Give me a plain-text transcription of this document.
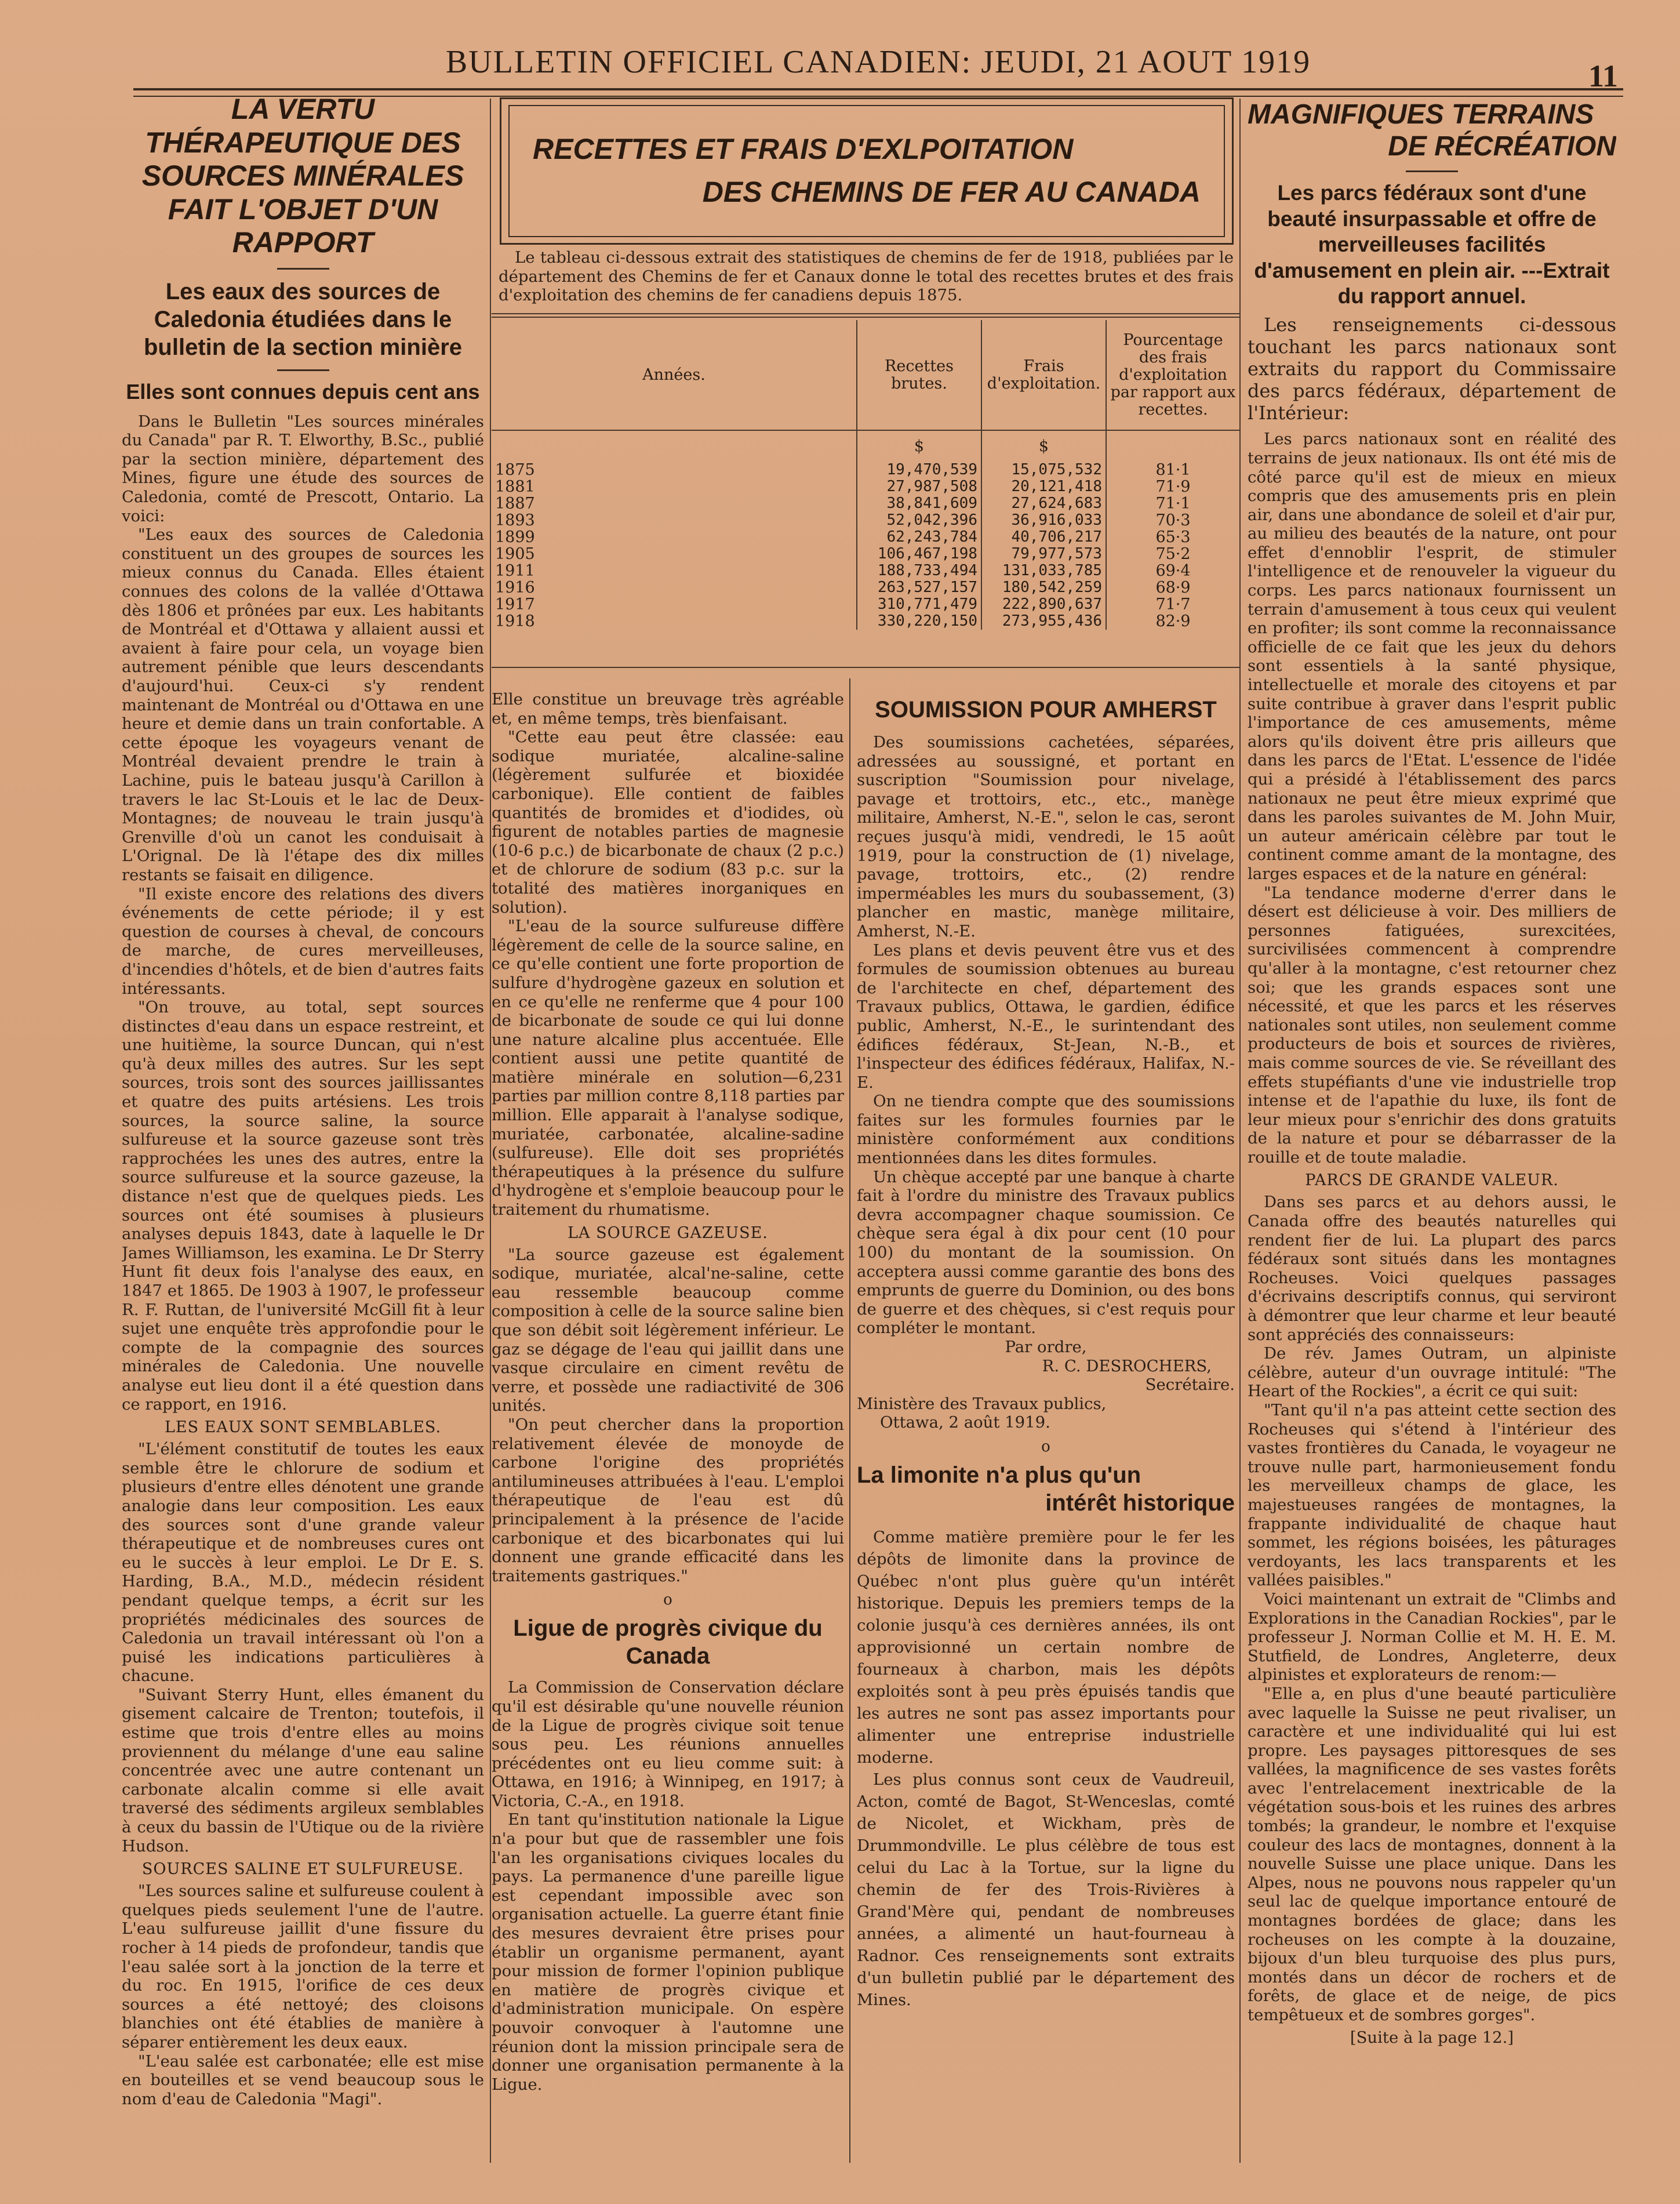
BULLETIN OFFICIEL CANADIEN: JEUDI, 21 AOUT 1919	11
LA VERTU THÉRAPEUTIQUE DES SOURCES MINÉRALES FAIT L'OBJET D'UN RAPPORT
Les eaux des sources de Caledonia étudiées dans le bulletin de la section minière
Elles sont connues depuis cent ans

Dans le Bulletin "Les sources minérales du Canada" par R. T. Elworthy, B.Sc., publié par la section minière, département des Mines, figure une étude des sources de Caledonia, comté de Prescott, Ontario. La voici:

"Les eaux des sources de Caledonia constituent un des groupes de sources les mieux connus du Canada. Elles étaient connues des colons de la vallée d'Ottawa dès 1806 et prônées par eux. Les habitants de Montréal et d'Ottawa y allaient aussi et avaient à faire pour cela, un voyage bien autrement pénible que leurs descendants d'aujourd'hui. Ceux-ci s'y rendent maintenant de Montréal ou d'Ottawa en une heure et demie dans un train confortable. A cette époque les voyageurs venant de Montréal devaient prendre le train à Lachine, puis le bateau jusqu'à Carillon à travers le lac St-Louis et le lac de Deux-Montagnes; de nouveau le train jusqu'à Grenville d'où un canot les conduisait à L'Orignal. De là l'étape des dix milles restants se faisait en diligence.

"Il existe encore des relations des divers événements de cette période; il y est question de courses à cheval, de concours de marche, de cures merveilleuses, d'incendies d'hôtels, et de bien d'autres faits intéressants.

"On trouve, au total, sept sources distinctes d'eau dans un espace restreint, et une huitième, la source Duncan, qui n'est qu'à deux milles des autres. Sur les sept sources, trois sont des sources jaillissantes et quatre des puits artésiens. Les trois sources, la source saline, la source sulfureuse et la source gazeuse sont très rapprochées les unes des autres, entre la source sulfureuse et la source gazeuse, la distance n'est que de quelques pieds. Les sources ont été soumises à plusieurs analyses depuis 1843, date à laquelle le Dr James Williamson, les examina. Le Dr Sterry Hunt fit deux fois l'analyse des eaux, en 1847 et 1865. De 1903 à 1907, le professeur R. F. Ruttan, de l'université McGill fit à leur sujet une enquête très approfondie pour le compte de la compagnie des sources minérales de Caledonia. Une nouvelle analyse eut lieu dont il a été question dans ce rapport, en 1916.

LES EAUX SONT SEMBLABLES.

"L'élément constitutif de toutes les eaux semble être le chlorure de sodium et plusieurs d'entre elles dénotent une grande analogie dans leur composition. Les eaux des sources sont d'une grande valeur thérapeutique et de nombreuses cures ont eu le succès à leur emploi. Le Dr E. S. Harding, B.A., M.D., médecin résident pendant quelque temps, a écrit sur les propriétés médicinales des sources de Caledonia un travail intéressant où l'on a puisé les indications particulières à chacune.

"Suivant Sterry Hunt, elles émanent du gisement calcaire de Trenton; toutefois, il estime que trois d'entre elles au moins proviennent du mélange d'une eau saline concentrée avec une autre contenant un carbonate alcalin comme si elle avait traversé des sédiments argileux semblables à ceux du bassin de l'Utique ou de la rivière Hudson.

SOURCES SALINE ET SULFUREUSE.

"Les sources saline et sulfureuse coulent à quelques pieds seulement l'une de l'autre. L'eau sulfureuse jaillit d'une fissure du rocher à 14 pieds de profondeur, tandis que l'eau salée sort à la jonction de la terre et du roc. En 1915, l'orifice de ces deux sources a été nettoyé; des cloisons blanchies ont été établies de manière à séparer entièrement les deux eaux.

"L'eau salée est carbonatée; elle est mise en bouteilles et se vend beaucoup sous le nom d'eau de Caledonia "Magi".

RECETTES ET FRAIS D'EXLPOITATION
DES CHEMINS DE FER AU CANADA
Le tableau ci-dessous extrait des statistiques de chemins de fer de 1918, publiées par le département des Chemins de fer et Canaux donne le total des recettes brutes et des frais d'exploitation des chemins de fer canadiens depuis 1875.
Années.	Recettes brutes.	Frais d'exploitation.	Pourcentage des frais d'exploitation par rapport aux recettes.
	$	$	
1875	19,470,539	15,075,532	81·1
1881	27,987,508	20,121,418	71·9
1887	38,841,609	27,624,683	71·1
1893	52,042,396	36,916,033	70·3
1899	62,243,784	40,706,217	65·3
1905	106,467,198	79,977,573	75·2
1911	188,733,494	131,033,785	69·4
1916	263,527,157	180,542,259	68·9
1917	310,771,479	222,890,637	71·7
1918	330,220,150	273,955,436	82·9

Elle constitue un breuvage très agréable et, en même temps, très bienfaisant.

"Cette eau peut être classée: eau sodique muriatée, alcaline-saline (légèrement sulfurée et bioxidée carbonique). Elle contient de faibles quantités de bromides et d'iodides, où figurent de notables parties de magnesie (10-6 p.c.) de bicarbonate de chaux (2 p.c.) et de chlorure de sodium (83 p.c. sur la totalité des matières inorganiques en solution).

"L'eau de la source sulfureuse diffère légèrement de celle de la source saline, en ce qu'elle contient une forte proportion de sulfure d'hydrogène gazeux en solution et en ce qu'elle ne renferme que 4 pour 100 de bicarbonate de soude ce qui lui donne une nature alcaline plus accentuée. Elle contient aussi une petite quantité de matière minérale en solution—6,231 parties par million contre 8,118 parties par million. Elle apparait à l'analyse sodique, muriatée, carbonatée, alcaline-sadine (sulfureuse). Elle doit ses propriétés thérapeutiques à la présence du sulfure d'hydrogène et s'emploie beaucoup pour le traitement du rhumatisme.

LA SOURCE GAZEUSE.

"La source gazeuse est également sodique, muriatée, alcal'ne-saline, cette eau ressemble beaucoup comme composition à celle de la source saline bien que son débit soit légèrement inférieur. Le gaz se dégage de l'eau qui jaillit dans une vasque circulaire en ciment revêtu de verre, et possède une radiactivité de 306 unités.

"On peut chercher dans la proportion relativement élevée de monoyde de carbone l'origine des propriétés antilumineuses attribuées à l'eau. L'emploi thérapeutique de l'eau est dû principalement à la présence de l'acide carbonique et des bicarbonates qui lui donnent une grande efficacité dans les traitements gastriques."

o
Ligue de progrès civique du Canada

La Commission de Conservation déclare qu'il est désirable qu'une nouvelle réunion de la Ligue de progrès civique soit tenue sous peu. Les réunions annuelles précédentes ont eu lieu comme suit: à Ottawa, en 1916; à Winnipeg, en 1917; à Victoria, C.-A., en 1918.

En tant qu'institution nationale la Ligue n'a pour but que de rassembler une fois l'an les organisations civiques locales du pays. La permanence d'une pareille ligue est cependant impossible avec son organisation actuelle. La guerre étant finie des mesures devraient être prises pour établir un organisme permanent, ayant pour mission de former l'opinion publique en matière de progrès civique et d'administration municipale. On espère pouvoir convoquer à l'automne une réunion dont la mission principale sera de donner une organisation permanente à la Ligue.

SOUMISSION POUR AMHERST

Des soumissions cachetées, séparées, adressées au soussigné, et portant en suscription "Soumission pour nivelage, pavage et trottoirs, etc., etc., manège militaire, Amherst, N.-E.", selon le cas, seront reçues jusqu'à midi, vendredi, le 15 août 1919, pour la construction de (1) nivelage, pavage, trottoirs, etc., (2) rendre imperméables les murs du soubassement, (3) plancher en mastic, manège militaire, Amherst, N.-E.

Les plans et devis peuvent être vus et des formules de soumission obtenues au bureau de l'architecte en chef, département des Travaux publics, Ottawa, le gardien, édifice public, Amherst, N.-E., le surintendant des édifices fédéraux, St-Jean, N.-B., et l'inspecteur des édifices fédéraux, Halifax, N.-E.

On ne tiendra compte que des soumissions faites sur les formules fournies par le ministère conformément aux conditions mentionnées dans les dites formules.

Un chèque accepté par une banque à charte fait à l'ordre du ministre des Travaux publics devra accompagner chaque soumission. Ce chèque sera égal à dix pour cent (10 pour 100) du montant de la soumission. On acceptera aussi comme garantie des bons des emprunts de guerre du Dominion, ou des bons de guerre et des chèques, si c'est requis pour compléter le montant.

Par ordre,
R. C. DESROCHERS,
Secrétaire.
Ministère des Travaux publics,
Ottawa, 2 août 1919.
o
La limonite n'a plus qu'un
intérêt historique

Comme matière première pour le fer les dépôts de limonite dans la province de Québec n'ont plus guère qu'un intérêt historique. Depuis les premiers temps de la colonie jusqu'à ces dernières années, ils ont approvisionné un certain nombre de fourneaux à charbon, mais les dépôts exploités sont à peu près épuisés tandis que les autres ne sont pas assez importants pour alimenter une entreprise industrielle moderne.

Les plus connus sont ceux de Vaudreuil, Acton, comté de Bagot, St-Wenceslas, comté de Nicolet, et Wickham, près de Drummondville. Le plus célèbre de tous est celui du Lac à la Tortue, sur la ligne du chemin de fer des Trois-Rivières à Grand'Mère qui, pendant de nombreuses années, a alimenté un haut-fourneau à Radnor. Ces renseignements sont extraits d'un bulletin publié par le département des Mines.

MAGNIFIQUES TERRAINS
DE RÉCRÉATION
Les parcs fédéraux sont d'une beauté insurpassable et offre de merveilleuses facilités d'amusement en plein air. ---Extrait du rapport annuel.
Les renseignements ci-dessous touchant les parcs nationaux sont extraits du rapport du Commissaire des parcs fédéraux, département de l'Intérieur:

Les parcs nationaux sont en réalité des terrains de jeux nationaux. Ils ont été mis de côté parce qu'il est de mieux en mieux compris que des amusements pris en plein air, dans une abondance de soleil et d'air pur, au milieu des beautés de la nature, ont pour effet d'ennoblir l'esprit, de stimuler l'intelligence et de renouveler la vigueur du corps. Les parcs nationaux fournissent un terrain d'amusement à tous ceux qui veulent en profiter; ils sont comme la reconnaissance officielle de ce fait que les jeux du dehors sont essentiels à la santé physique, intellectuelle et morale des citoyens et par suite contribue à graver dans l'esprit public l'importance de ces amusements, même alors qu'ils doivent être pris ailleurs que dans les parcs de l'Etat. L'essence de l'idée qui a présidé à l'établissement des parcs nationaux ne peut être mieux exprimé que dans les paroles suivantes de M. John Muir, un auteur américain célèbre par tout le continent comme amant de la montagne, des larges espaces et de la nature en général:

"La tendance moderne d'errer dans le désert est délicieuse à voir. Des milliers de personnes fatiguées, surexcitées, surcivilisées commencent à comprendre qu'aller à la montagne, c'est retourner chez soi; que les grands espaces sont une nécessité, et que les parcs et les réserves nationales sont utiles, non seulement comme producteurs de bois et sources de rivières, mais comme sources de vie. Se réveillant des effets stupéfiants d'une vie industrielle trop intense et de l'apathie du luxe, ils font de leur mieux pour s'enrichir des dons gratuits de la nature et pour se débarrasser de la rouille et de toute maladie.

PARCS DE GRANDE VALEUR.

Dans ses parcs et au dehors aussi, le Canada offre des beautés naturelles qui rendent fier de lui. La plupart des parcs fédéraux sont situés dans les montagnes Rocheuses. Voici quelques passages d'écrivains descriptifs connus, qui serviront à démontrer que leur charme et leur beauté sont appréciés des connaisseurs:

De rév. James Outram, un alpiniste célèbre, auteur d'un ouvrage intitulé: "The Heart of the Rockies", a écrit ce qui suit:

"Tant qu'il n'a pas atteint cette section des Rocheuses qui s'étend à l'intérieur des vastes frontières du Canada, le voyageur ne trouve nulle part, harmonieusement fondu les merveilleux champs de glace, les majestueuses rangées de montagnes, la frappante individualité de chaque haut sommet, les régions boisées, les pâturages verdoyants, les lacs transparents et les vallées paisibles."

Voici maintenant un extrait de "Climbs and Explorations in the Canadian Rockies", par le professeur J. Norman Collie et M. H. E. M. Stutfield, de Londres, Angleterre, deux alpinistes et explorateurs de renom:—

"Elle a, en plus d'une beauté particulière avec laquelle la Suisse ne peut rivaliser, un caractère et une individualité qui lui est propre. Les paysages pittoresques de ses vallées, la magnificence de ses vastes forêts avec l'entrelacement inextricable de la végétation sous-bois et les ruines des arbres tombés; la grandeur, le nombre et l'exquise couleur des lacs de montagnes, donnent à la nouvelle Suisse une place unique. Dans les Alpes, nous ne pouvons nous rappeler qu'un seul lac de quelque importance entouré de montagnes bordées de glace; dans les rocheuses on les compte à la douzaine, bijoux d'un bleu turquoise des plus purs, montés dans un décor de rochers et de forêts, de glace et de neige, de pics tempêtueux et de sombres gorges".

[Suite à la page 12.]
